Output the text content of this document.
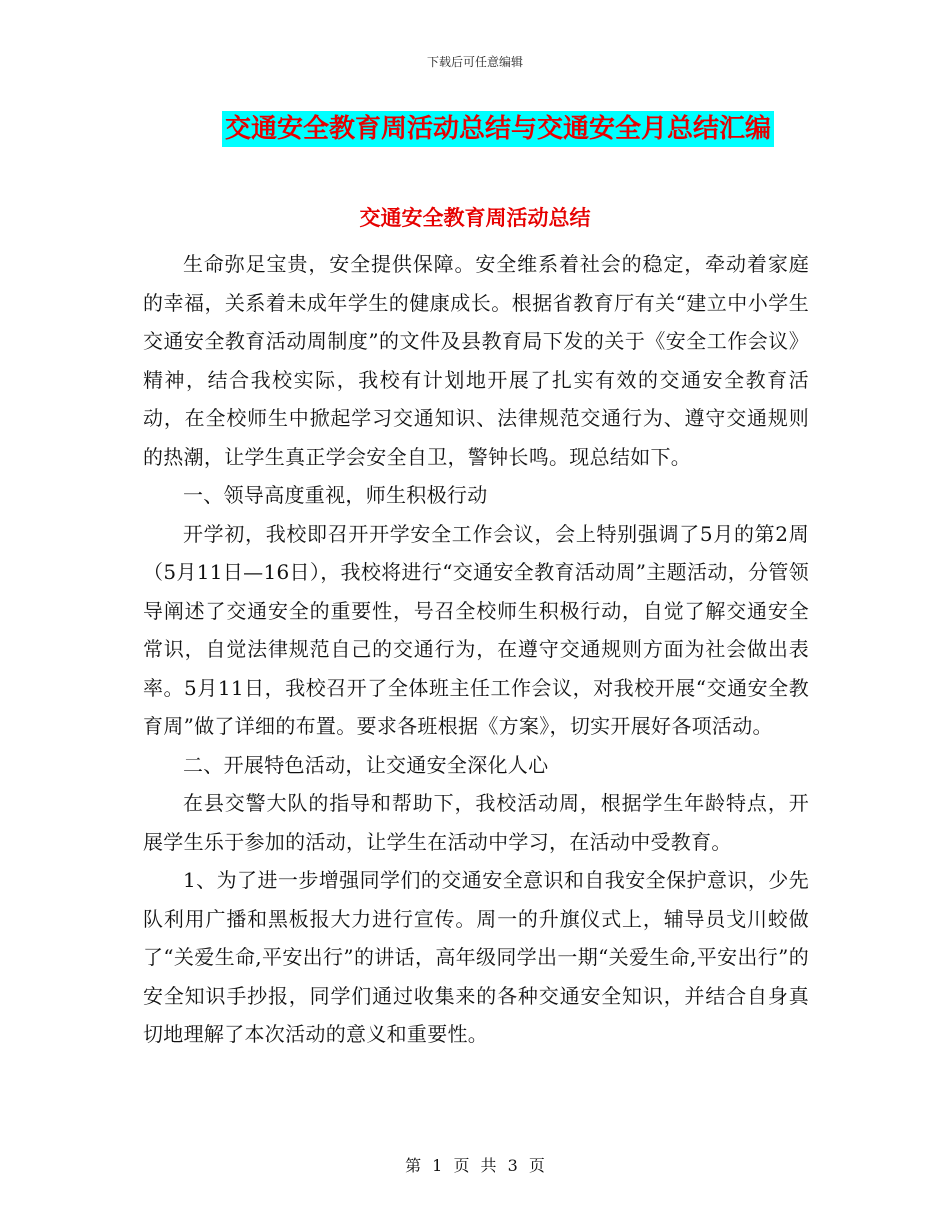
下载后可任意编辑
交通安全教育周活动总结与交通安全月总结汇编
交通安全教育周活动总结

生命弥足宝贵，安全提供保障。安全维系着社会的稳定，牵动着家庭的幸福，关系着未成年学生的健康成长。根据省教育厅有关“建立中小学生交通安全教育活动周制度”的文件及县教育局下发的关于《安全工作会议》精神，结合我校实际，我校有计划地开展了扎实有效的交通安全教育活动，在全校师生中掀起学习交通知识、法律规范交通行为、遵守交通规则的热潮，让学生真正学会安全自卫，警钟长鸣。现总结如下。

一、领导高度重视，师生积极行动

开学初，我校即召开开学安全工作会议，会上特别强调了5月的第2周（5月11日—16日），我校将进行“交通安全教育活动周”主题活动，分管领导阐述了交通安全的重要性，号召全校师生积极行动，自觉了解交通安全常识，自觉法律规范自己的交通行为，在遵守交通规则方面为社会做出表率。5月11日，我校召开了全体班主任工作会议，对我校开展“交通安全教育周”做了详细的布置。要求各班根据《方案》，切实开展好各项活动。

二、开展特色活动，让交通安全深化人心

在县交警大队的指导和帮助下，我校活动周，根据学生年龄特点，开展学生乐于参加的活动，让学生在活动中学习，在活动中受教育。

1、为了进一步增强同学们的交通安全意识和自我安全保护意识，少先队利用广播和黑板报大力进行宣传。周一的升旗仪式上，辅导员戈川蛟做了“关爱生命,平安出行”的讲话，高年级同学出一期“关爱生命,平安出行”的安全知识手抄报，同学们通过收集来的各种交通安全知识，并结合自身真切地理解了本次活动的意义和重要性。

第 1 页 共 3 页
